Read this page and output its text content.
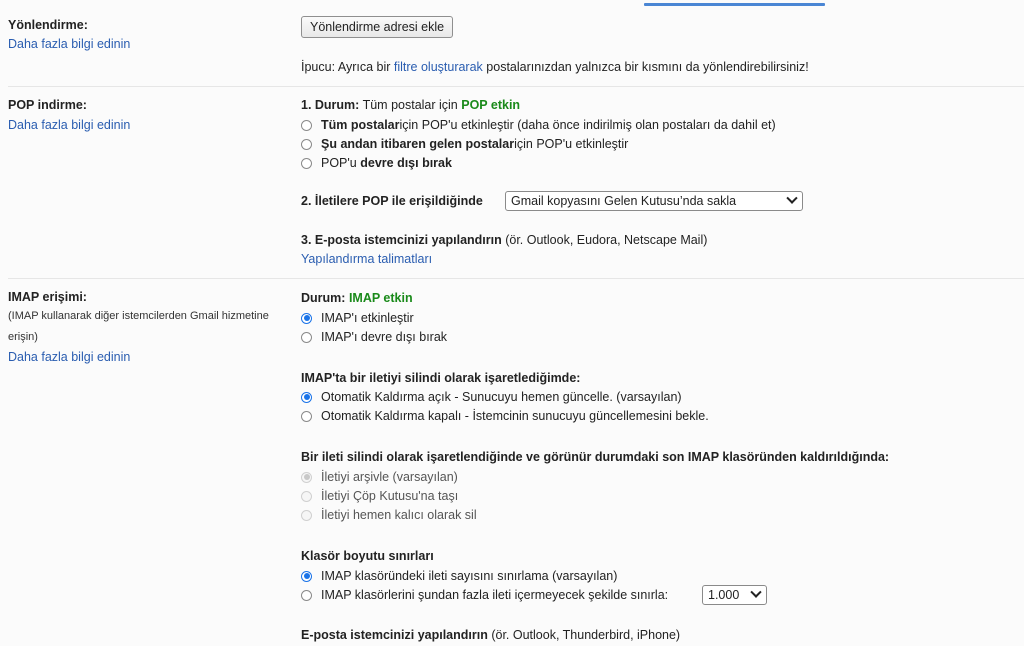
Yönlendirme:
Daha fazla bilgi edinin
Yönlendirme adresi ekle
İpucu: Ayrıca bir filtre oluşturarak postalarınızdan yalnızca bir kısmını da yönlendirebilirsiniz!
POP indirme:
Daha fazla bilgi edinin
1. Durum: Tüm postalar için POP etkin
Tüm postalar için POP'u etkinleştir (daha önce indirilmiş olan postaları da dahil et)
Şu andan itibaren gelen postalar için POP'u etkinleştir
POP'u
devre dışı bırak
2. İletilere POP ile erişildiğinde Gmail kopyasını Gelen Kutusu’nda sakla
3. E-posta istemcinizi yapılandırın (ör. Outlook, Eudora, Netscape Mail)
Yapılandırma talimatları
IMAP erişimi:
(IMAP kullanarak diğer istemcilerden Gmail hizmetine
erişin)
Daha fazla bilgi edinin
Durum: IMAP etkin
IMAP'ı etkinleştir
IMAP'ı devre dışı bırak
IMAP'ta bir iletiyi silindi olarak işaretlediğimde:
Otomatik Kaldırma açık - Sunucuyu hemen güncelle. (varsayılan)
Otomatik Kaldırma kapalı - İstemcinin sunucuyu güncellemesini bekle.
Bir ileti silindi olarak işaretlendiğinde ve görünür durumdaki son IMAP klasöründen kaldırıldığında:
İletiyi arşivle (varsayılan)
İletiyi Çöp Kutusu'na taşı
İletiyi hemen kalıcı olarak sil
Klasör boyutu sınırları
IMAP klasöründeki ileti sayısını sınırlama (varsayılan)
IMAP klasörlerini şundan fazla ileti içermeyecek şekilde sınırla:	1.000
E-posta istemcinizi yapılandırın (ör. Outlook, Thunderbird, iPhone)
